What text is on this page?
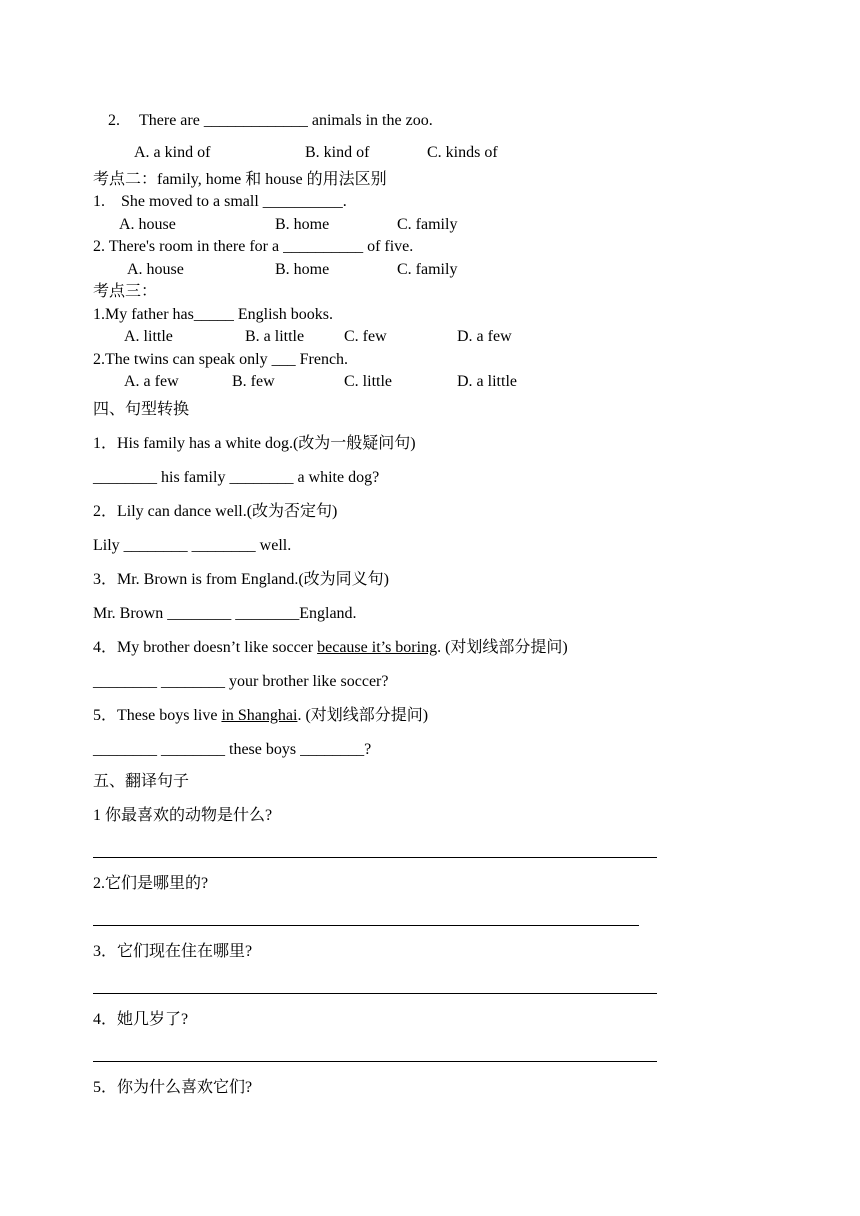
2. There are _____________ animals in the zoo.
A. a kind of	B. kind of	C. kinds of
考点二：family, home 和 house 的用法区别
1.    She moved to a small __________.
A. house	B. home	C. family
2. There's room in there for a __________ of five.
A. house	B. home	C. family
考点三：
1.My father has_____ English books.
A. little	B. a little C. few	D. a few
2.The twins can speak only ___ French.
A. a few	B. few	C. little	D. a little
四、句型转换
1．His family has a white dog.(改为一般疑问句)
________ his family ________ a white dog?
2．Lily can dance well.(改为否定句)
Lily ________ ________ well.
3．Mr. Brown is from England.(改为同义句)
Mr. Brown ________ ________England.
4．My brother doesn’t like soccer because it’s boring. (对划线部分提问)
________ ________ your brother like soccer?
5．These boys live in Shanghai. (对划线部分提问)
________ ________ these boys ________?
五、翻译句子
1 你最喜欢的动物是什么?
2.它们是哪里的?
3．它们现在住在哪里?
4．她几岁了?
5．你为什么喜欢它们?
